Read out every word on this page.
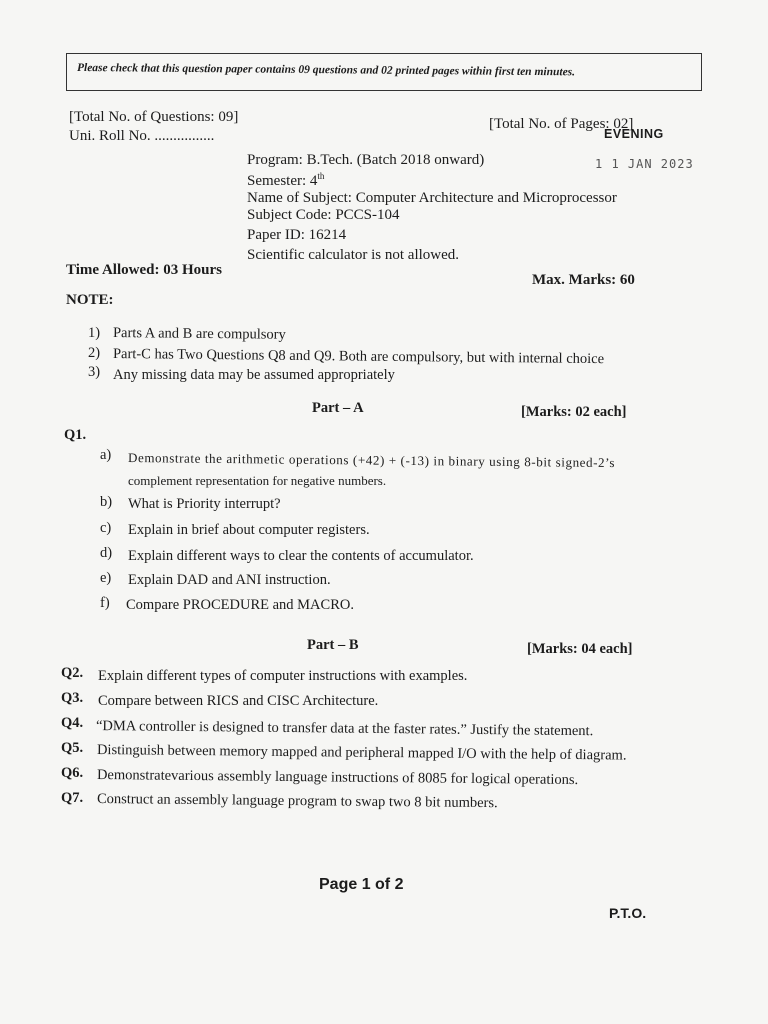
Please check that this question paper contains 09 questions and 02 printed pages within first ten minutes.
[Total No. of Questions: 09]
Uni. Roll No. ................
[Total No. of Pages: 02]
EVENING
1 1 JAN 2023
Program: B.Tech. (Batch 2018 onward)
Semester: 4th
Name of Subject: Computer Architecture and Microprocessor
Subject Code: PCCS-104
Paper ID: 16214
Scientific calculator is not allowed.
Time Allowed: 03 Hours
Max. Marks: 60
NOTE:
1) Parts A and B are compulsory
2) Part-C has Two Questions Q8 and Q9. Both are compulsory, but with internal choice
3) Any missing data may be assumed appropriately
Part – A	[Marks: 02 each]
Q1.
a) Demonstrate the arithmetic operations (+42) + (-13) in binary using 8-bit signed-2’s
complement representation for negative numbers.
b) What is Priority interrupt?
c) Explain in brief about computer registers.
d) Explain different ways to clear the contents of accumulator.
e) Explain DAD and ANI instruction.
f) Compare PROCEDURE and MACRO.
Part – B	[Marks: 04 each]
Q2. Explain different types of computer instructions with examples.
Q3. Compare between RICS and CISC Architecture.
Q4. “DMA controller is designed to transfer data at the faster rates.” Justify the statement.
Q5. Distinguish between memory mapped and peripheral mapped I/O with the help of diagram.
Q6. Demonstratevarious assembly language instructions of 8085 for logical operations.
Q7. Construct an assembly language program to swap two 8 bit numbers.
Page 1 of 2
P.T.O.
